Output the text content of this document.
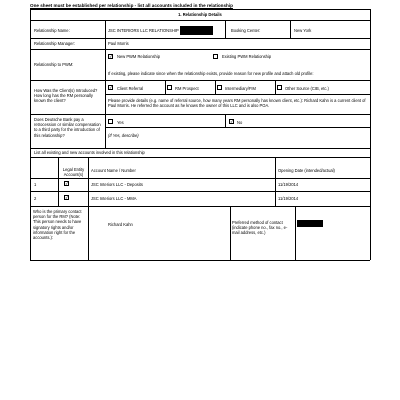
One sheet must be established per relationship - list all accounts included in the relationship
1. Relationship Details
Relationship Name:	JSC INTERIORS LLC RELATIONSHIP	Booking Center:	New York
Relationship Manager:	Paul Morris
Relationship to PWM:
✓ New PWM Relationship	Existing PWM Relationship
If existing, please indicate since when the relationship exists, provide reason for new profile and attach old profile:
How Was the Client(s) Introduced? How long has the RM personally known the client?
✓ Client Referral	RM Prospect	Intermediary/FIM	Other Source (CIB, etc.)
Please provide details (e.g. name of referral source, how many years RM personally has known client, etc.): Richard Kahn is a current client of Paul Morris. He referred the account as he knows the owner of this LLC and is also POA.
Does Deutsche Bank pay a retrocession or similar compensation to a third party for the introduction of this relationship?
Yes	✓ No
(If Yes, describe)
List all existing and new accounts involved in this relationship
Legal Entity Account(s)
Account Name / Number	Opening Date (intended/actual)
1	✓	JSC Interiors LLC - Deposits	11/19/2014
2	✓	JSC Interiors LLC - MMA	11/19/2014
Who is the primary contact person for the RM? (Note: This person needs to have signatory rights and/or information right for the accounts.):
Richard Kahn	Preferred method of contact (indicate phone no., fax no., e-mail address, etc.)
